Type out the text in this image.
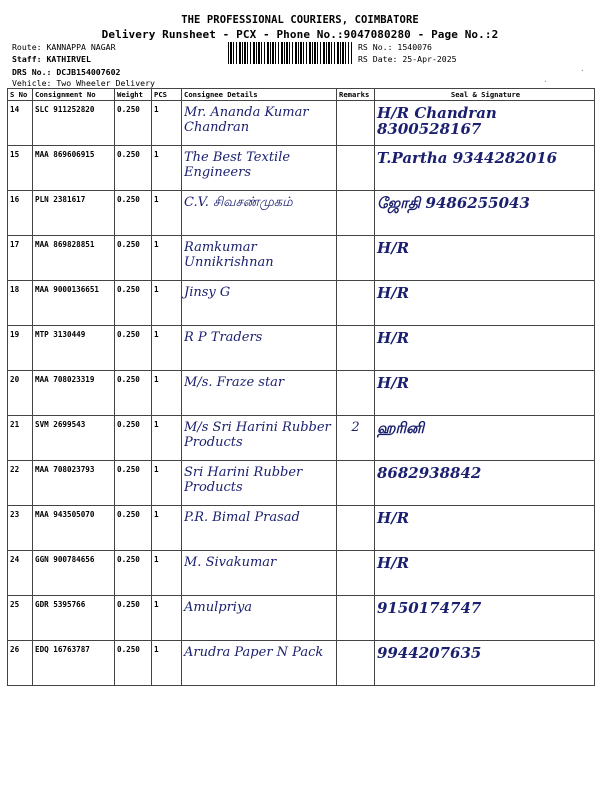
THE PROFESSIONAL COURIERS, COIMBATORE
Delivery Runsheet - PCX - Phone No.:9047080280 - Page No.:2
Route: KANNAPPA NAGAR
Staff: KATHIRVEL
DRS No.: DCJB154007602
Vehicle: Two Wheeler Delivery
RS No.: 1540076
RS Date: 25-Apr-2025
·
·
S No	Consignment No	Weight	PCS	Consignee Details	Remarks	Seal & Signature
14	SLC 911252820	0.250	1	Mr. Ananda Kumar Chandran		H/R Chandran 8300528167
15	MAA 869606915	0.250	1	The Best Textile Engineers		T.Partha 9344282016
16	PLN 2381617	0.250	1	C.V. சிவசண்முகம்		ஜோதி 9486255043
17	MAA 869828851	0.250	1	Ramkumar Unnikrishnan		H/R
18	MAA 9000136651	0.250	1	Jinsy G		H/R
19	MTP 3130449	0.250	1	R P Traders		H/R
20	MAA 708023319	0.250	1	M/s. Fraze star		H/R
21	SVM 2699543	0.250	1	M/s Sri Harini Rubber Products	2	ஹரினி
22	MAA 708023793	0.250	1	Sri Harini Rubber Products		8682938842
23	MAA 943505070	0.250	1	P.R. Bimal Prasad		H/R
24	GGN 900784656	0.250	1	M. Sivakumar		H/R
25	GDR 5395766	0.250	1	Amulpriya		9150174747
26	EDQ 16763787	0.250	1	Arudra Paper N Pack		9944207635
